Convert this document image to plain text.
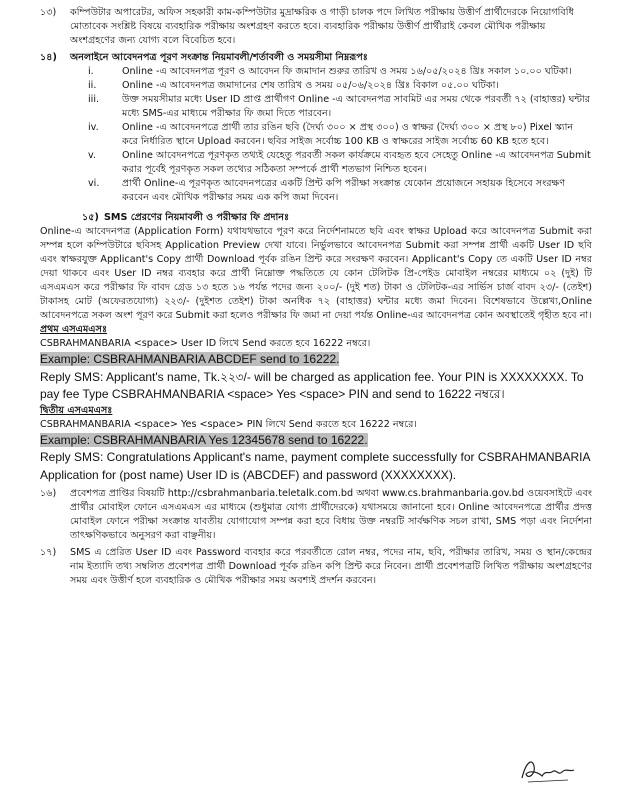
১৩)	কম্পিউটার অপারেটর, অফিস সহকারী কাম-কম্পিউটার মুদ্রাক্ষরিক ও গাড়ী চালক পদে লিখিত পরীক্ষায় উত্তীর্ণ প্রার্থীদেরকে নিয়োগবিধি মোতাবেক সংশ্লিষ্ট বিষয়ে ব্যবহারিক পরীক্ষায় অংশগ্রহণ করতে হবে। ব্যবহারিক পরীক্ষায় উত্তীর্ণ প্রার্থীরাই কেবল মৌখিক পরীক্ষায় অংশগ্রহণের জন্য যোগ্য বলে বিবেচিত হবে।

১৪)	অনলাইনে আবেদনপত্র পূরণ সংক্রান্ত নিয়মাবলী/শর্তাবলী ও সময়সীমা নিম্নরূপঃ

i.	Online -এ আবেদনপত্র পূরণ ও আবেদন ফি জমাদান শুরুর তারিখ ও সময় ১৬/০৫/২০২৪ খ্রিঃ সকাল ১০.০০ ঘটিকা।

ii.	Online -এ আবেদনপত্র জমাদানের শেষ তারিখ ও সময় ০৫/০৬/২০২৪ খ্রিঃ বিকাল ০৫.০০ ঘটিকা।

iii.	উক্ত সময়সীমার মধ্যে User ID প্রাপ্ত প্রার্থীগণ Online -এ আবেদনপত্র সাবমিট এর সময় থেকে পরবর্তী ৭২ (বাহাত্তর) ঘন্টার মধ্যে SMS-এর মাধ্যমে পরীক্ষার ফি জমা দিতে পারবেন।

iv.	Online -এ আবেদনপত্রে প্রার্থী তার রঙিন ছবি (দৈর্ঘ্য ৩০০ × প্রস্থ ৩০০) ও স্বাক্ষর (দৈর্ঘ্য ৩০০ × প্রস্থ ৮০) Pixel স্ক্যান করে নির্ধারিত স্থানে Upload করবেন। ছবির সাইজ সর্বোচ্চ 100 KB ও স্বাক্ষরের সাইজ সর্বোচ্চ 60 KB হতে হবে।

v.	Online আবেদনপত্রে পূরণকৃত তথ্যই যেহেতু পরবর্তী সকল কার্যক্রমে ব্যবহৃত হবে সেহেতু Online -এ আবেদনপত্র Submit করার পূর্বেই পূরণকৃত সকল তথ্যের সঠিকতা সম্পর্কে প্রার্থী শতভাগ নিশ্চিত হবেন।

vi.	প্রার্থী Online-এ পূরণকৃত আবেদনপত্রের একটি প্রিন্ট কপি পরীক্ষা সংক্রান্ত যেকোন প্রয়োজনে সহায়ক হিসেবে সংরক্ষণ করবেন এবং মৌখিক পরীক্ষার সময় এক কপি জমা দিবেন।

১৫) SMS প্রেরণের নিয়মাবলী ও পরীক্ষার ফি প্রদানঃ

Online-এ আবেদনপত্র (Application Form) যথাযথভাবে পূরণ করে নির্দেশনামতে ছবি এবং স্বাক্ষর Upload করে আবেদনপত্র Submit করা সম্পন্ন হলে কম্পিউটারে ছবিসহ Application Preview দেখা যাবে। নির্ভুলভাবে আবেদনপত্র Submit করা সম্পন্ন প্রার্থী একটি User ID ছবি এবং স্বাক্ষরযুক্ত Applicant's Copy প্রার্থী Download পূর্বক রঙিন প্রিন্ট করে সংরক্ষণ করবেন। Applicant's Copy তে একটি User ID নম্বর দেয়া থাকবে এবং User ID নম্বর ব্যবহার করে প্রার্থী নিম্নোক্ত পদ্ধতিতে যে কোন টেলিটক প্রি-পেইড মোবাইল নম্বরের মাধ্যমে ০২ (দুই) টি এসএমএস করে পরীক্ষার ফি বাবদ গ্রেড ১৩ হতে ১৬ পর্যন্ত পদের জন্য ২০০/- (দুই শত) টাকা ও টেলিটক-এর সার্ভিস চার্জ বাবদ ২৩/- (তেইশ) টাকাসহ মোট (অফেরতযোগ্য) ২২৩/- (দুইশত তেইশ) টাকা অনধিক ৭২ (বাহাত্তর) ঘন্টার মধ্যে জমা দিবেন। বিশেষভাবে উল্লেখ্য,Online আবেদনপত্রে সকল অংশ পূরণ করে Submit করা হলেও পরীক্ষার ফি জমা না দেয়া পর্যন্ত Online-এর আবেদনপত্র কোন অবস্থাতেই গৃহীত হবে না।

প্রথম এসএমএসঃ

CSBRAHMANBARIA <space> User ID লিখে Send করতে হবে 16222 নম্বরে।

Example: CSBRAHMANBARIA ABCDEF send to 16222.

Reply SMS: Applicant's name, Tk.২২৩/- will be charged as application fee. Your PIN is XXXXXXXX. To pay fee Type CSBRAHMANBARIA <space> Yes <space> PIN and send to 16222 নম্বরে।

দ্বিতীয় এসএমএসঃ

CSBRAHMANBARIA <space> Yes <space> PIN লিখে Send করতে হবে 16222 নম্বরে।

Example: CSBRAHMANBARIA Yes 12345678 send to 16222.

Reply SMS: Congratulations Applicant's name, payment complete successfully for CSBRAHMANBARIA Application for (post name) User ID is (ABCDEF) and password (XXXXXXXX).

১৬)	প্রবেশপত্র প্রাপ্তির বিষয়টি http://csbrahmanbaria.teletalk.com.bd অথবা www.cs.brahmanbaria.gov.bd ওয়েবসাইটে এবং প্রার্থীর মোবাইল ফোনে এসএমএস এর মাধ্যমে (শুধুমাত্র যোগ্য প্রার্থীদেরকে) যথাসময়ে জানানো হবে। Online আবেদনপত্রে প্রার্থীর প্রদত্ত মোবাইল ফোনে পরীক্ষা সংক্রান্ত যাবতীয় যোগাযোগ সম্পন্ন করা হবে বিধায় উক্ত নম্বরটি সার্বক্ষণিক সচল রাখা, SMS পড়া এবং নির্দেশনা তাৎক্ষণিকভাবে অনুসরণ করা বাঞ্ছনীয়।

১৭)	SMS এ প্রেরিত User ID এবং Password ব্যবহার করে পরবর্তীতে রোল নম্বর, পদের নাম, ছবি, পরীক্ষার তারিখ, সময় ও স্থান/কেন্দ্রের নাম ইত্যাদি তথ্য সম্বলিত প্রবেশপত্র প্রার্থী Download পূর্বক রঙিন কপি প্রিন্ট করে নিবেন। প্রার্থী প্রবেশপত্রটি লিখিত পরীক্ষায় অংশগ্রহণের সময় এবং উত্তীর্ণ হলে ব্যবহারিক ও মৌখিক পরীক্ষার সময় অবশ্যই প্রদর্শন করবেন।
